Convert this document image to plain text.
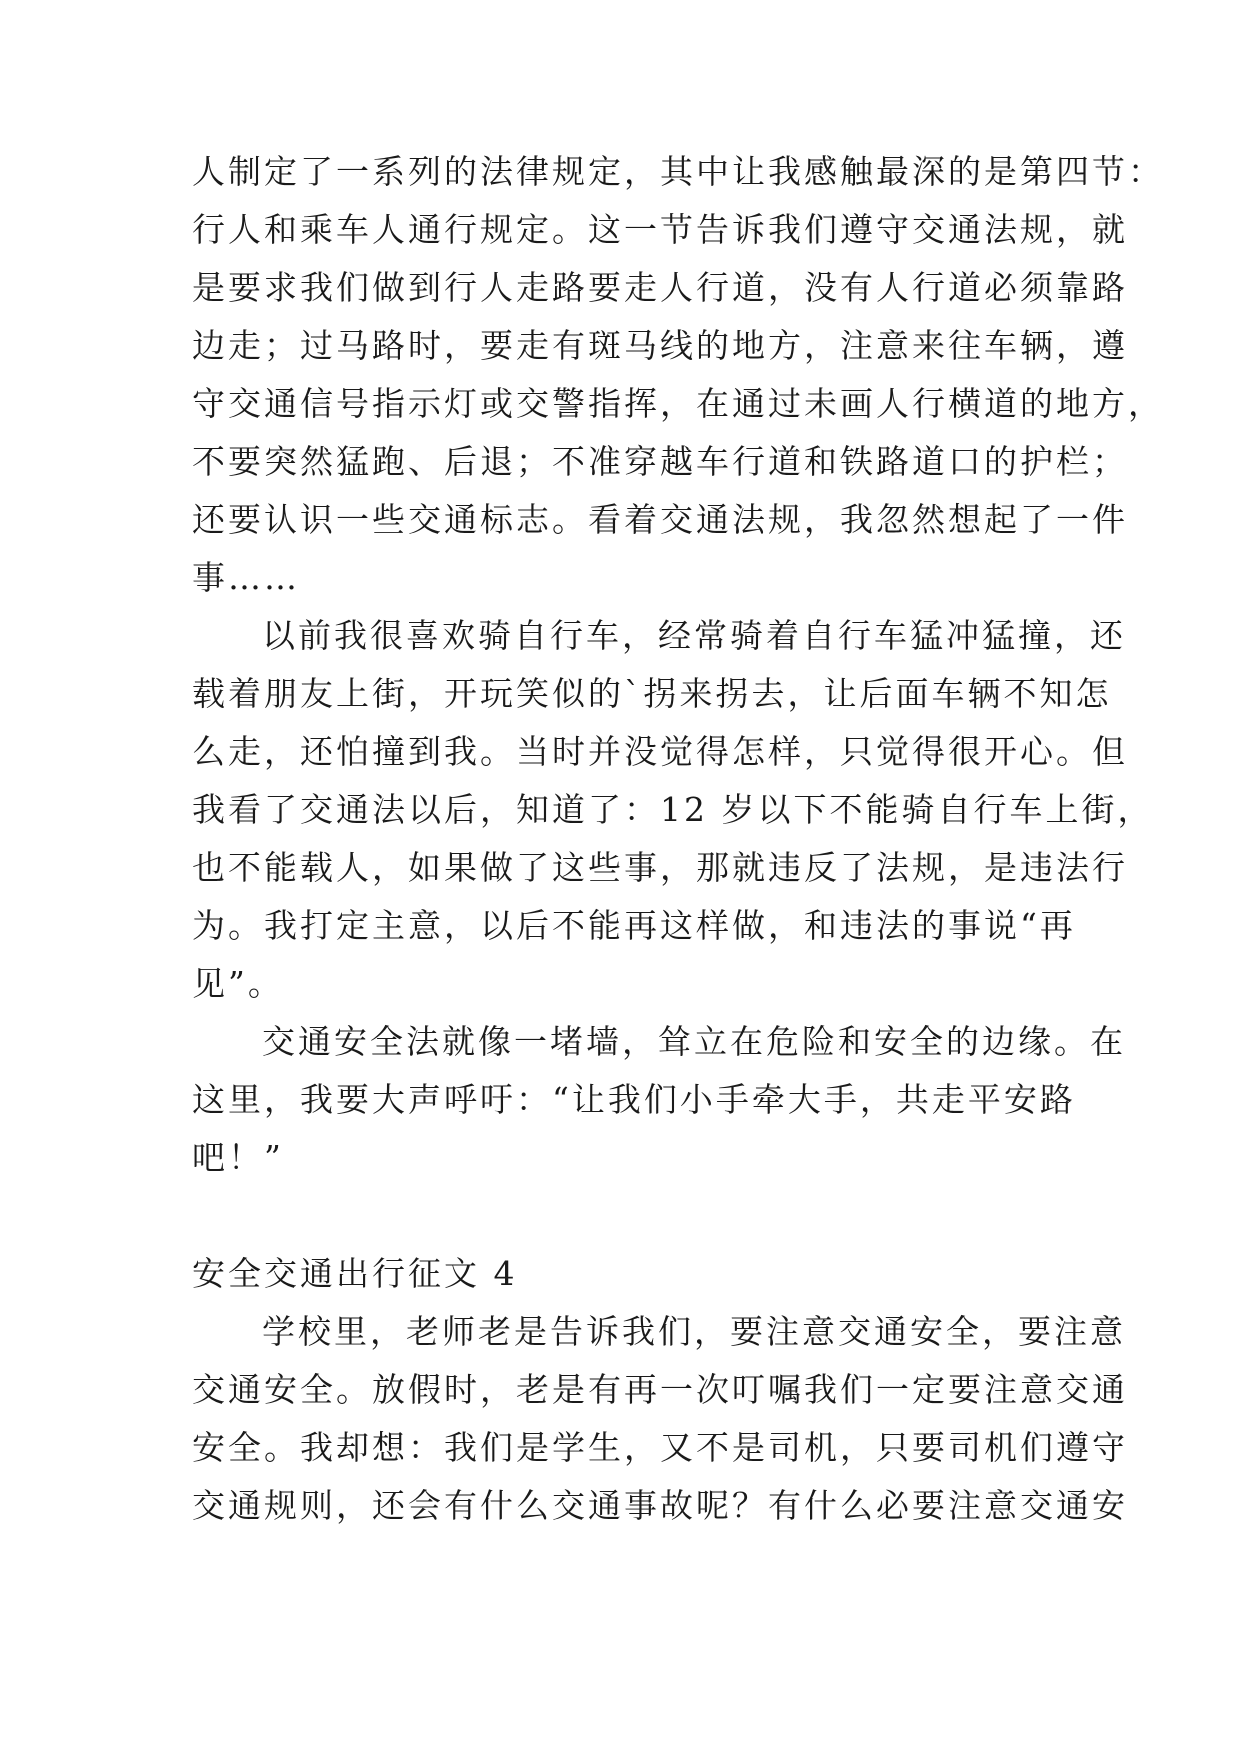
人制定了一系列的法律规定，其中让我感触最深的是第四节：
行人和乘车人通行规定。这一节告诉我们遵守交通法规，就
是要求我们做到行人走路要走人行道，没有人行道必须靠路
边走；过马路时，要走有斑马线的地方，注意来往车辆，遵
守交通信号指示灯或交警指挥，在通过未画人行横道的地方，
不要突然猛跑、后退；不准穿越车行道和铁路道口的护栏；
还要认识一些交通标志。看着交通法规，我忽然想起了一件
事……
以前我很喜欢骑自行车，经常骑着自行车猛冲猛撞，还
载着朋友上街，开玩笑似的`拐来拐去，让后面车辆不知怎
么走，还怕撞到我。当时并没觉得怎样，只觉得很开心。但
我看了交通法以后，知道了：12 岁以下不能骑自行车上街，
也不能载人，如果做了这些事，那就违反了法规，是违法行
为。我打定主意，以后不能再这样做，和违法的事说“再
见”。
交通安全法就像一堵墙，耸立在危险和安全的边缘。在
这里，我要大声呼吁：“让我们小手牵大手，共走平安路
吧！”
安全交通出行征文 4
学校里，老师老是告诉我们，要注意交通安全，要注意
交通安全。放假时，老是有再一次叮嘱我们一定要注意交通
安全。我却想：我们是学生，又不是司机，只要司机们遵守
交通规则，还会有什么交通事故呢？有什么必要注意交通安
